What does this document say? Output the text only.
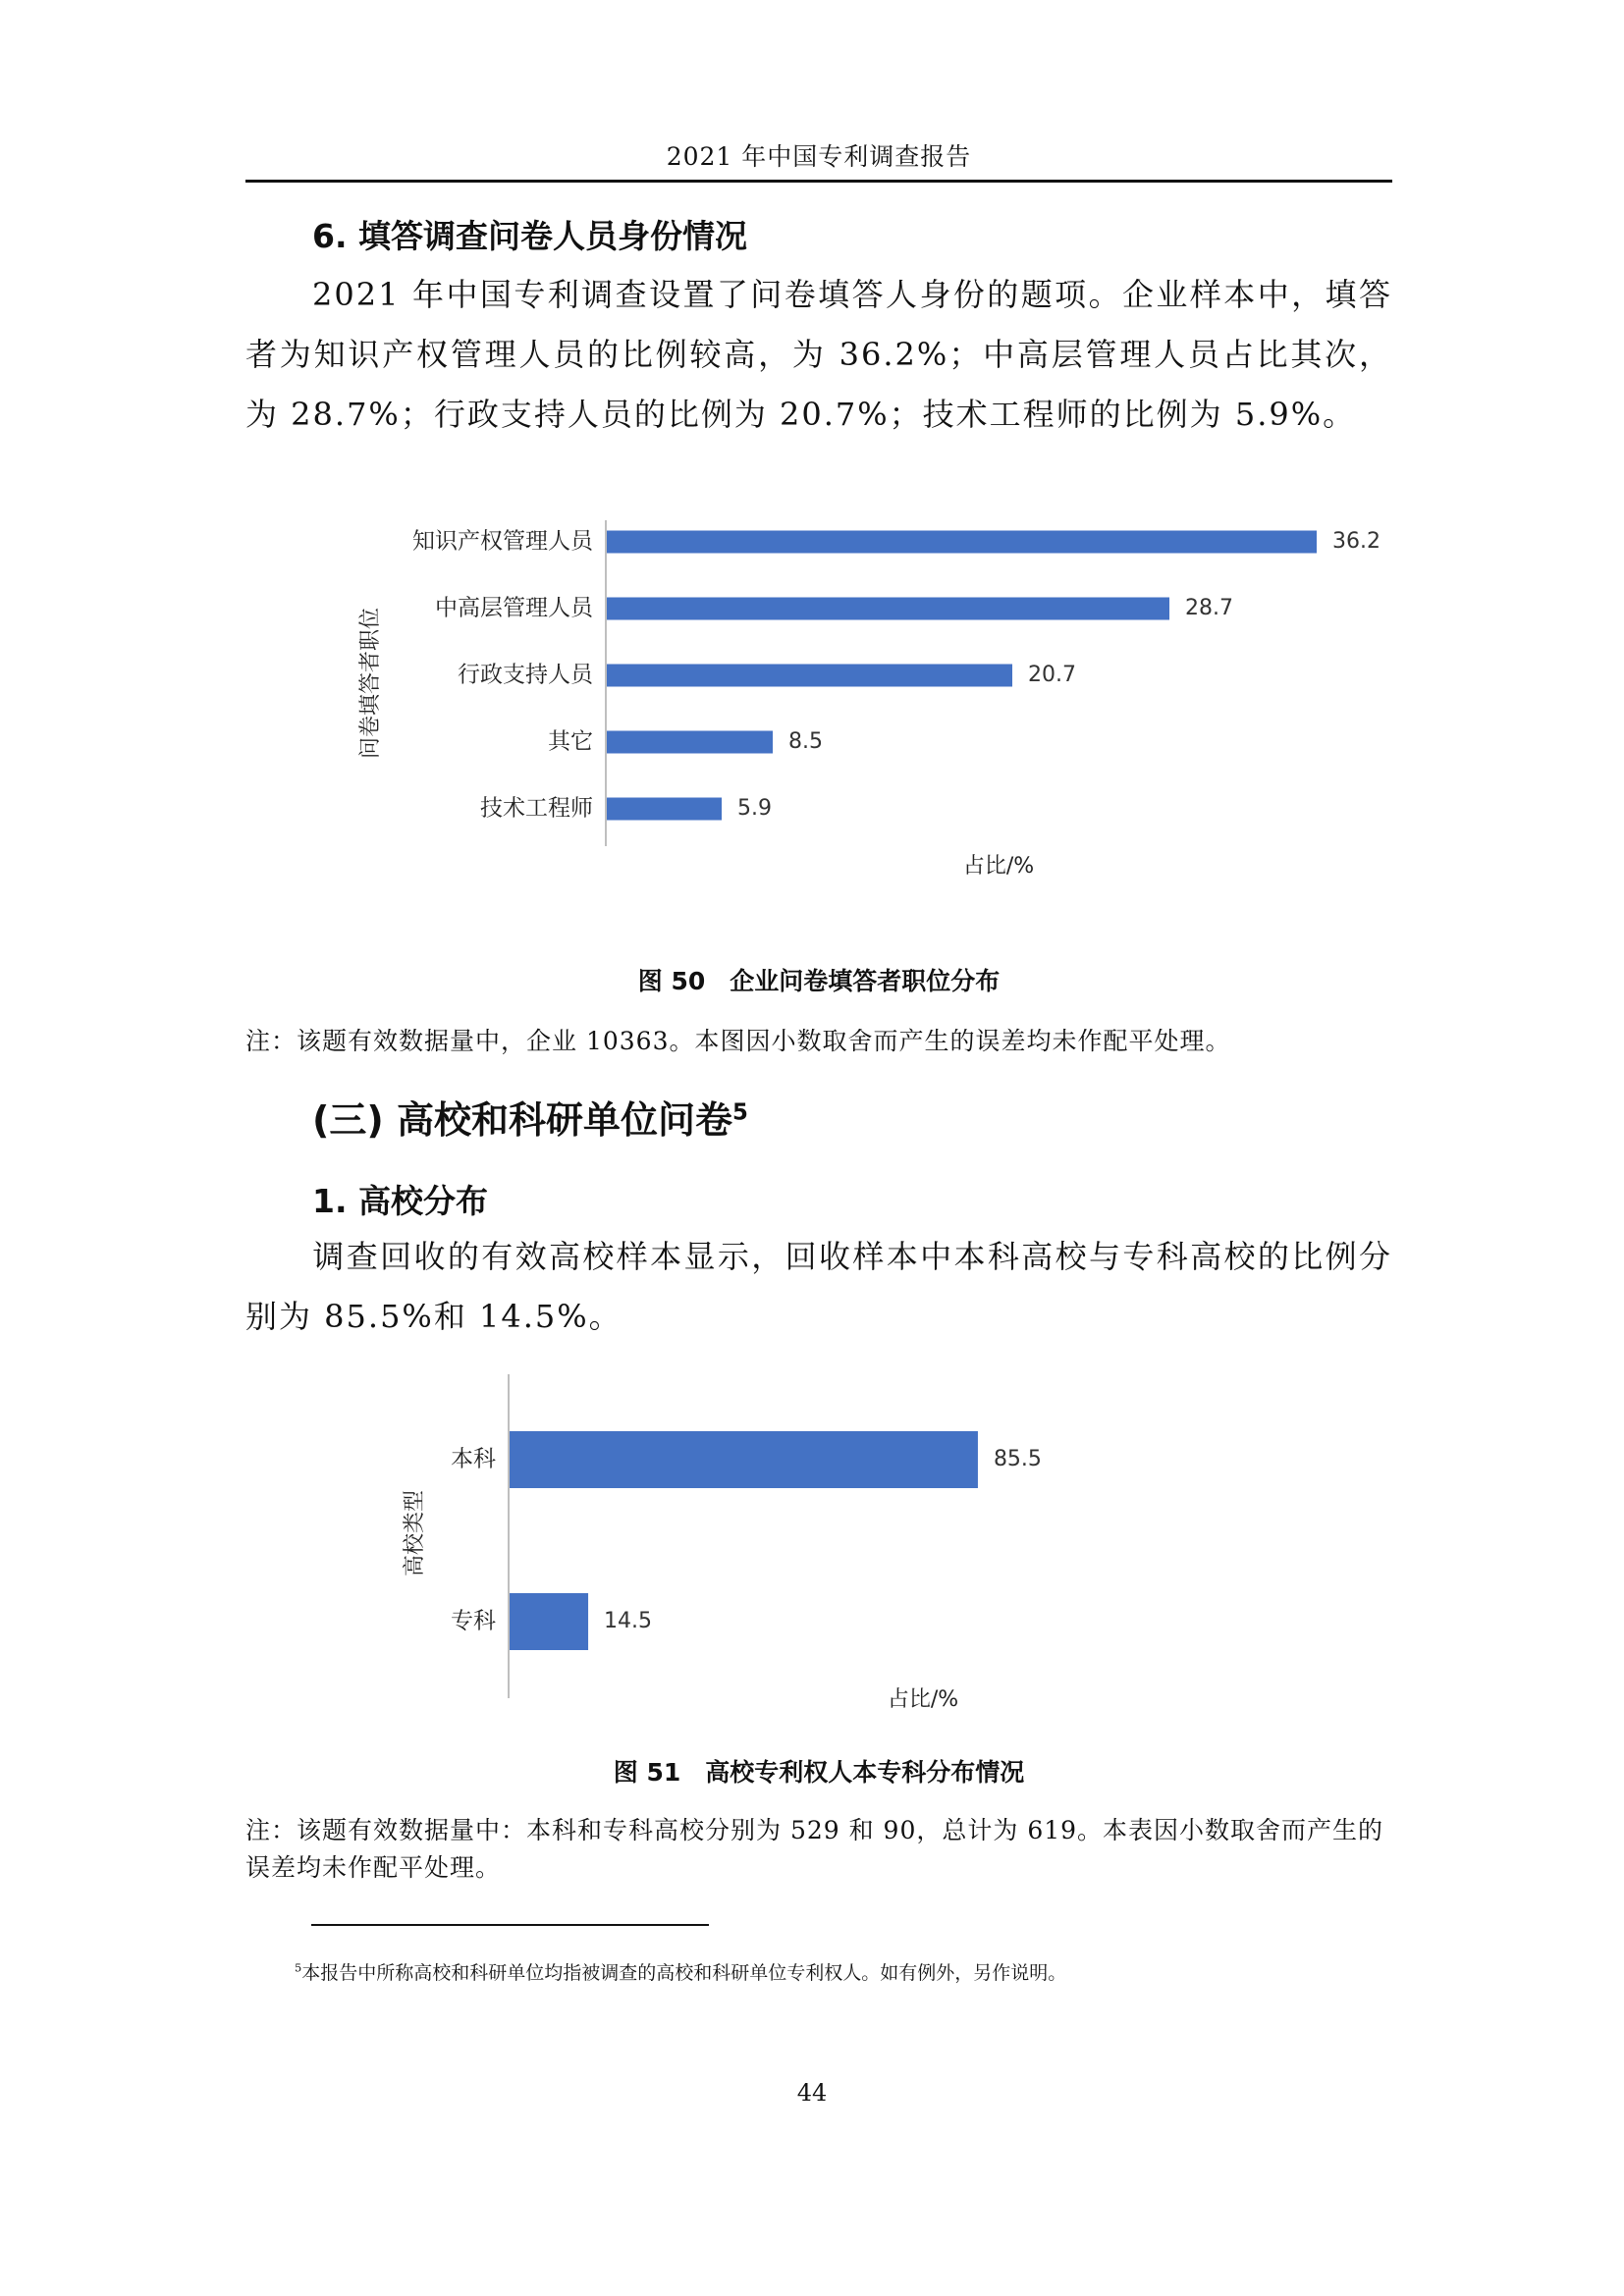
2021 年中国专利调查报告
6. 填答调查问卷人员身份情况
2021 年中国专利调查设置了问卷填答人身份的题项。企业样本中，填答者为知识产权管理人员的比例较高，为 36.2%；中高层管理人员占比其次，为 28.7%；行政支持人员的比例为 20.7%；技术工程师的比例为 5.9%。
知识产权管理人员
中高层管理人员
行政支持人员
其它
技术工程师
36.2
28.7
20.7
8.5
5.9
问卷填答者职位
占比/%
图 50　企业问卷填答者职位分布
注：该题有效数据量中，企业 10363。本图因小数取舍而产生的误差均未作配平处理。
(三) 高校和科研单位问卷$^5$
1. 高校分布
调查回收的有效高校样本显示，回收样本中本科高校与专科高校的比例分别为 85.5%和 14.5%。
本科
专科
85.5
14.5
高校类型
占比/%
图 51　高校专利权人本专科分布情况
注：该题有效数据量中：本科和专科高校分别为 529 和 90，总计为 619。本表因小数取舍而产生的误差均未作配平处理。
$^5$本报告中所称高校和科研单位均指被调查的高校和科研单位专利权人。如有例外，另作说明。
44
